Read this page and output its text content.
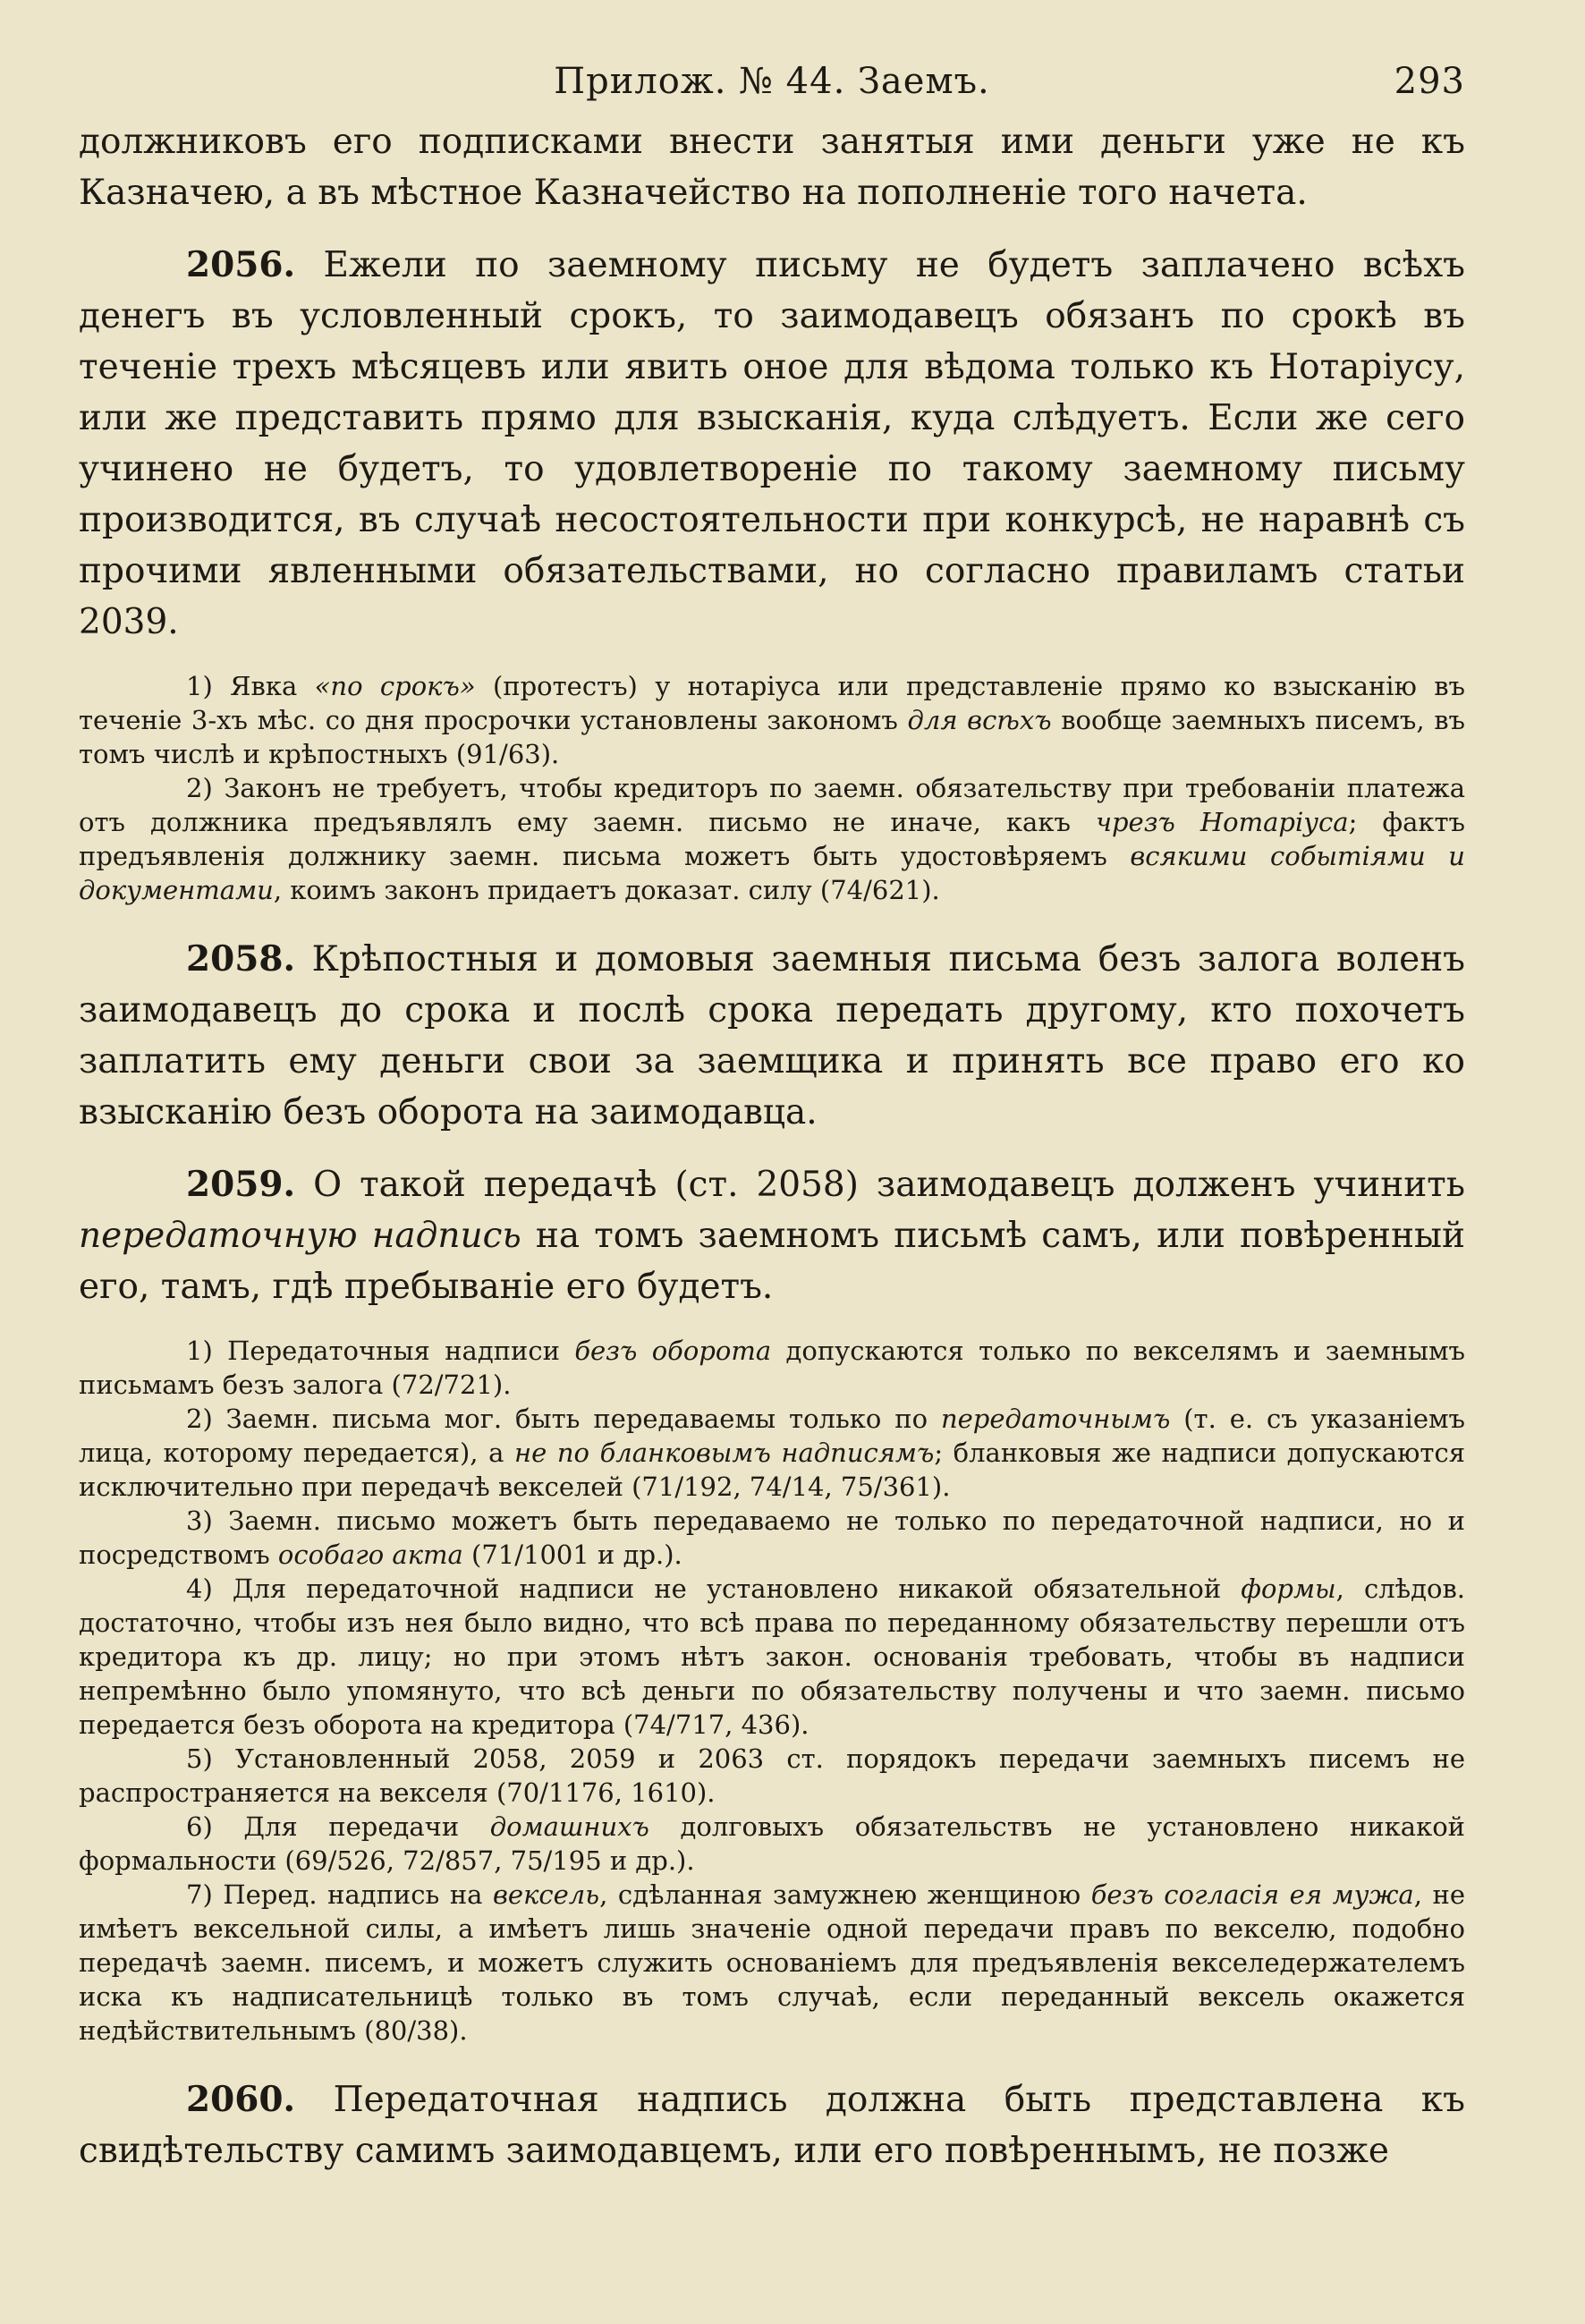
Прилож. № 44. Заемъ.	293

должниковъ его подписками внести занятыя ими деньги уже не къ Казначею, а въ мѣстное Казначейство на пополненіе того начета.

2056. Ежели по заемному письму не будетъ заплачено всѣхъ денегъ въ условленный срокъ, то заимодавецъ обязанъ по срокѣ въ теченіе трехъ мѣсяцевъ или явить оное для вѣдома только къ Нотаріусу, или же представить прямо для взысканія, куда слѣдуетъ. Если же сего учинено не будетъ, то удовлетвореніе по такому заемному письму производится, въ случаѣ несостоятельности при конкурсѣ, не наравнѣ съ прочими явленными обязательствами, но согласно правиламъ статьи 2039.

1) Явка «по срокъ» (протестъ) у нотаріуса или представленіе прямо ко взысканію въ теченіе 3-хъ мѣс. со дня просрочки установлены закономъ для всѣхъ вообще заемныхъ писемъ, въ томъ числѣ и крѣпостныхъ (91/63).

2) Законъ не требуетъ, чтобы кредиторъ по заемн. обязательству при требованіи платежа отъ должника предъявлялъ ему заемн. письмо не иначе, какъ чрезъ Нотаріуса; фактъ предъявленія должнику заемн. письма можетъ быть удостовѣряемъ всякими событіями и документами, коимъ законъ придаетъ доказат. силу (74/621).

2058. Крѣпостныя и домовыя заемныя письма безъ залога воленъ заимодавецъ до срока и послѣ срока передать другому, кто похочетъ заплатить ему деньги свои за заемщика и принять все право его ко взысканію безъ оборота на заимодавца.

2059. О такой передачѣ (ст. 2058) заимодавецъ долженъ учинить передаточную надпись на томъ заемномъ письмѣ самъ, или повѣренный его, тамъ, гдѣ пребываніе его будетъ.

1) Передаточныя надписи безъ оборота допускаются только по векселямъ и заемнымъ письмамъ безъ залога (72/721).

2) Заемн. письма мог. быть передаваемы только по передаточнымъ (т. е. съ указаніемъ лица, которому передается), а не по бланковымъ надписямъ; бланковыя же надписи допускаются исключительно при передачѣ векселей (71/192, 74/14, 75/361).

3) Заемн. письмо можетъ быть передаваемо не только по передаточной надписи, но и посредствомъ особаго акта (71/1001 и др.).

4) Для передаточной надписи не установлено никакой обязательной формы, слѣдов. достаточно, чтобы изъ нея было видно, что всѣ права по переданному обязательству перешли отъ кредитора къ др. лицу; но при этомъ нѣтъ закон. основанія требовать, чтобы въ надписи непремѣнно было упомянуто, что всѣ деньги по обязательству получены и что заемн. письмо передается безъ оборота на кредитора (74/717, 436).

5) Установленный 2058, 2059 и 2063 ст. порядокъ передачи заемныхъ писемъ не распространяется на векселя (70/1176, 1610).

6) Для передачи домашнихъ долговыхъ обязательствъ не установлено никакой формальности (69/526, 72/857, 75/195 и др.).

7) Перед. надпись на вексель, сдѣланная замужнею женщиною безъ согласія ея мужа, не имѣетъ вексельной силы, а имѣетъ лишь значеніе одной передачи правъ по векселю, подобно передачѣ заемн. писемъ, и можетъ служить основаніемъ для предъявленія векселедержателемъ иска къ надписательницѣ только въ томъ случаѣ, если переданный вексель окажется недѣйствительнымъ (80/38).

2060. Передаточная надпись должна быть представлена къ свидѣтельству самимъ заимодавцемъ, или его повѣреннымъ, не позже
